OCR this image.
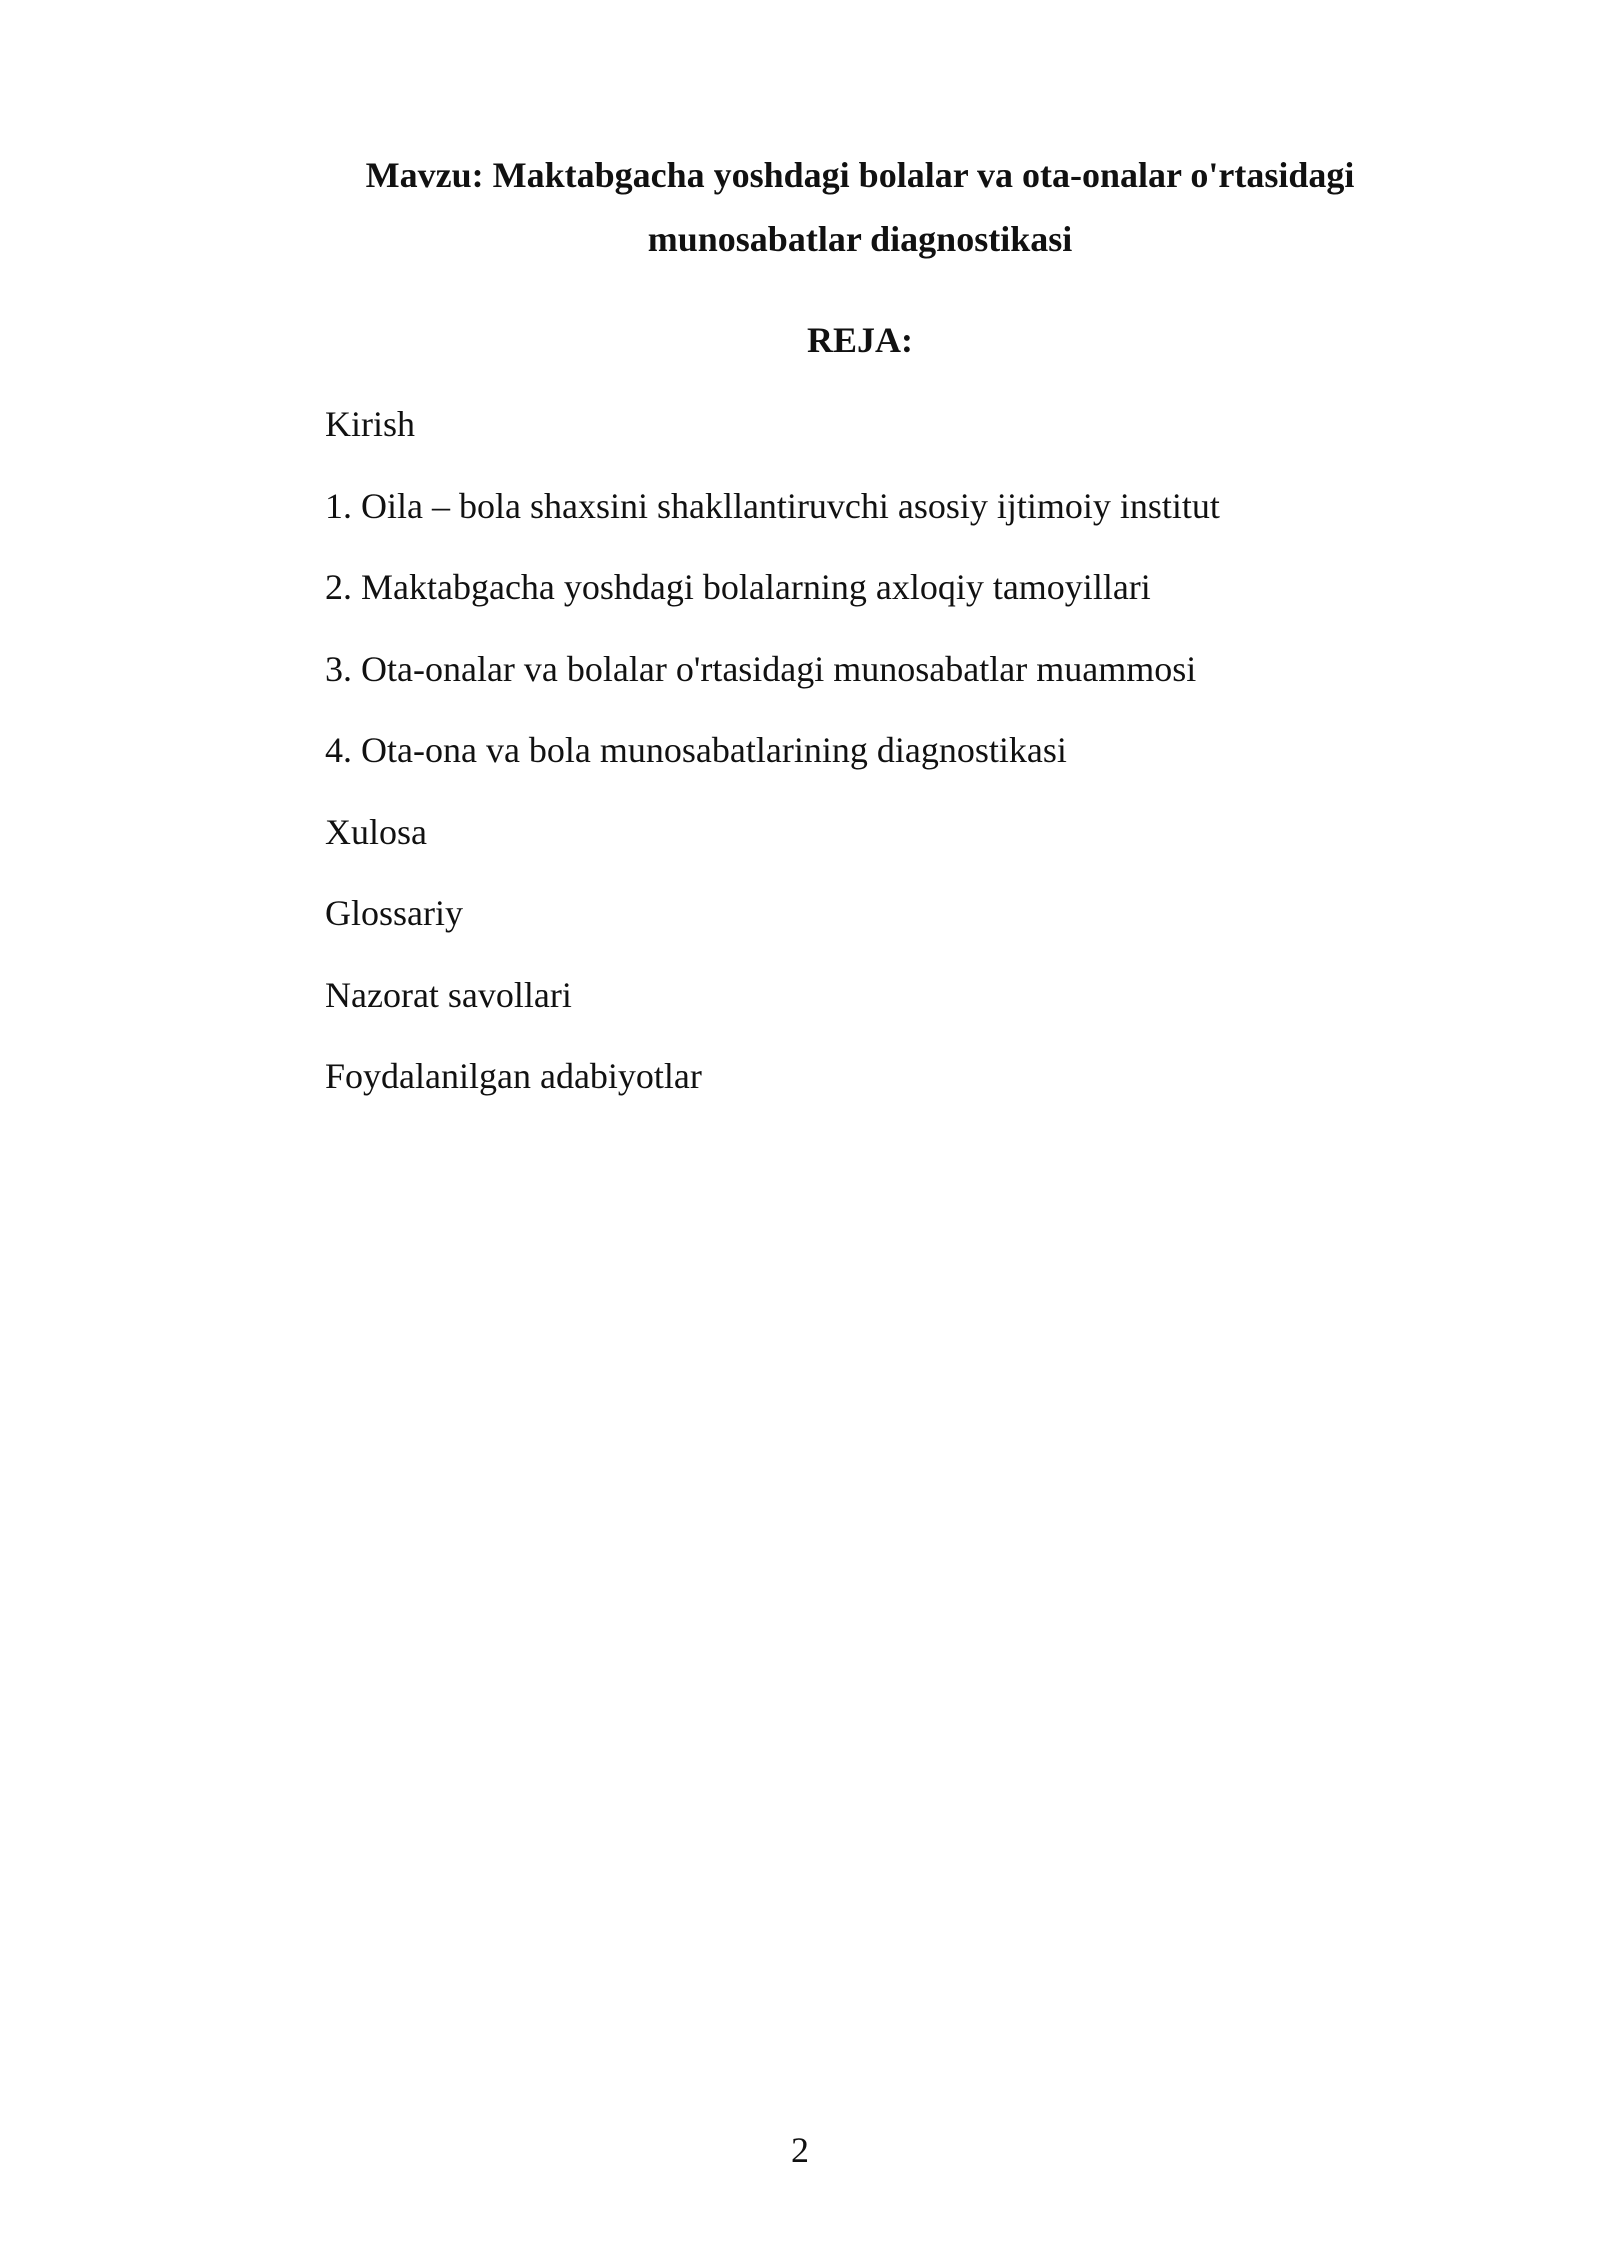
Mavzu: Maktabgacha yoshdagi bolalar va ota-onalar o'rtasidagi

munosabatlar diagnostikasi

REJA:

Kirish
1. Oila – bola shaxsini shakllantiruvchi asosiy ijtimoiy institut
2. Maktabgacha yoshdagi bolalarning axloqiy tamoyillari
3. Ota-onalar va bolalar o'rtasidagi munosabatlar muammosi
4. Ota-ona va bola munosabatlarining diagnostikasi
Xulosa
Glossariy
Nazorat savollari
Foydalanilgan adabiyotlar
2
